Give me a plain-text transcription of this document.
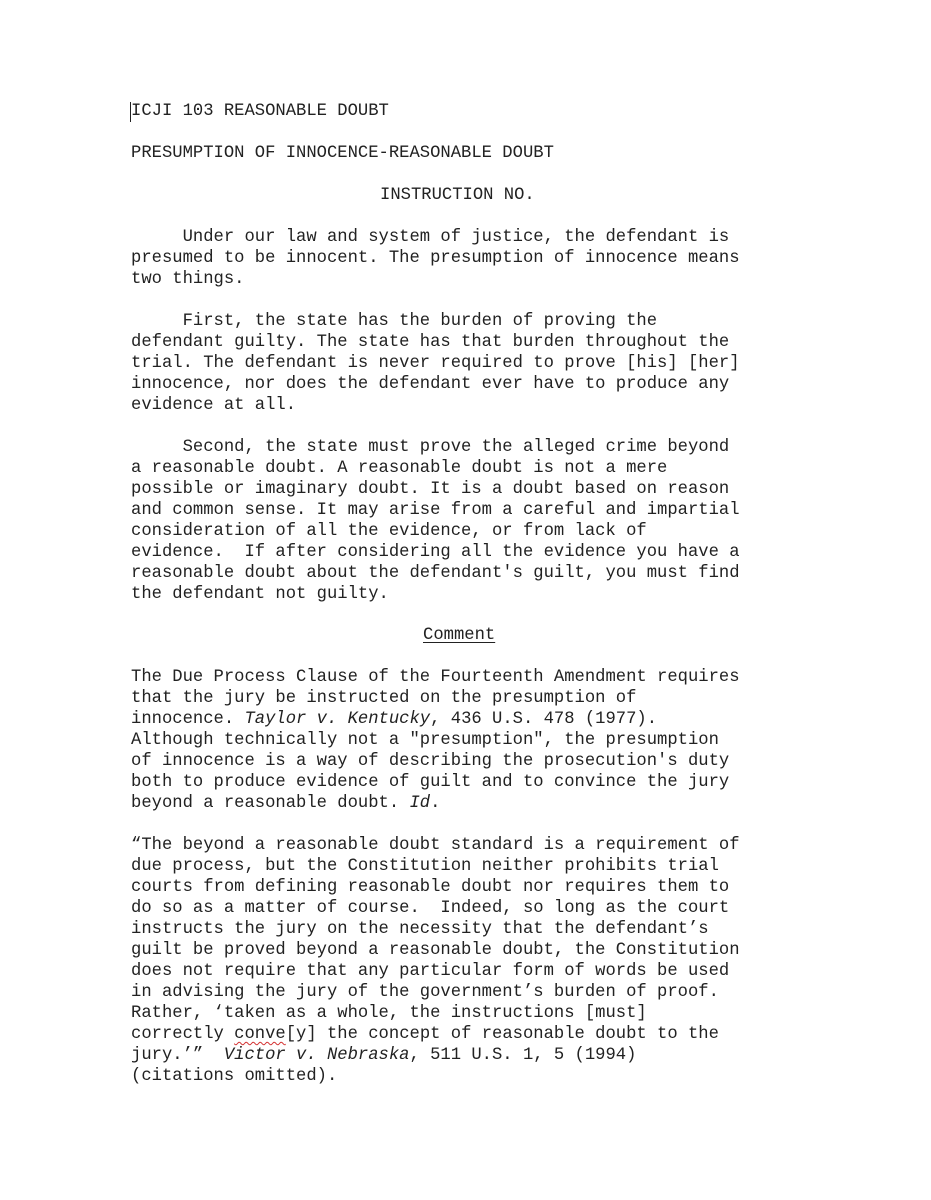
ICJI 103 REASONABLE DOUBT
PRESUMPTION OF INNOCENCE-REASONABLE DOUBT
INSTRUCTION NO.
Under our law and system of justice, the defendant is
presumed to be innocent. The presumption of innocence means
two things.
First, the state has the burden of proving the
defendant guilty. The state has that burden throughout the
trial. The defendant is never required to prove [his] [her]
innocence, nor does the defendant ever have to produce any
evidence at all.
Second, the state must prove the alleged crime beyond
a reasonable doubt. A reasonable doubt is not a mere
possible or imaginary doubt. It is a doubt based on reason
and common sense. It may arise from a careful and impartial
consideration of all the evidence, or from lack of
evidence.  If after considering all the evidence you have a
reasonable doubt about the defendant's guilt, you must find
the defendant not guilty.
Comment
The Due Process Clause of the Fourteenth Amendment requires
that the jury be instructed on the presumption of
innocence. Taylor v. Kentucky, 436 U.S. 478 (1977).
Although technically not a "presumption", the presumption
of innocence is a way of describing the prosecution's duty
both to produce evidence of guilt and to convince the jury
beyond a reasonable doubt. Id.
“The beyond a reasonable doubt standard is a requirement of
due process, but the Constitution neither prohibits trial
courts from defining reasonable doubt nor requires them to
do so as a matter of course.  Indeed, so long as the court
instructs the jury on the necessity that the defendant’s
guilt be proved beyond a reasonable doubt, the Constitution
does not require that any particular form of words be used
in advising the jury of the government’s burden of proof.
Rather, ‘taken as a whole, the instructions [must]
correctly conve[y] the concept of reasonable doubt to the
jury.’”  Victor v. Nebraska, 511 U.S. 1, 5 (1994)
(citations omitted).
